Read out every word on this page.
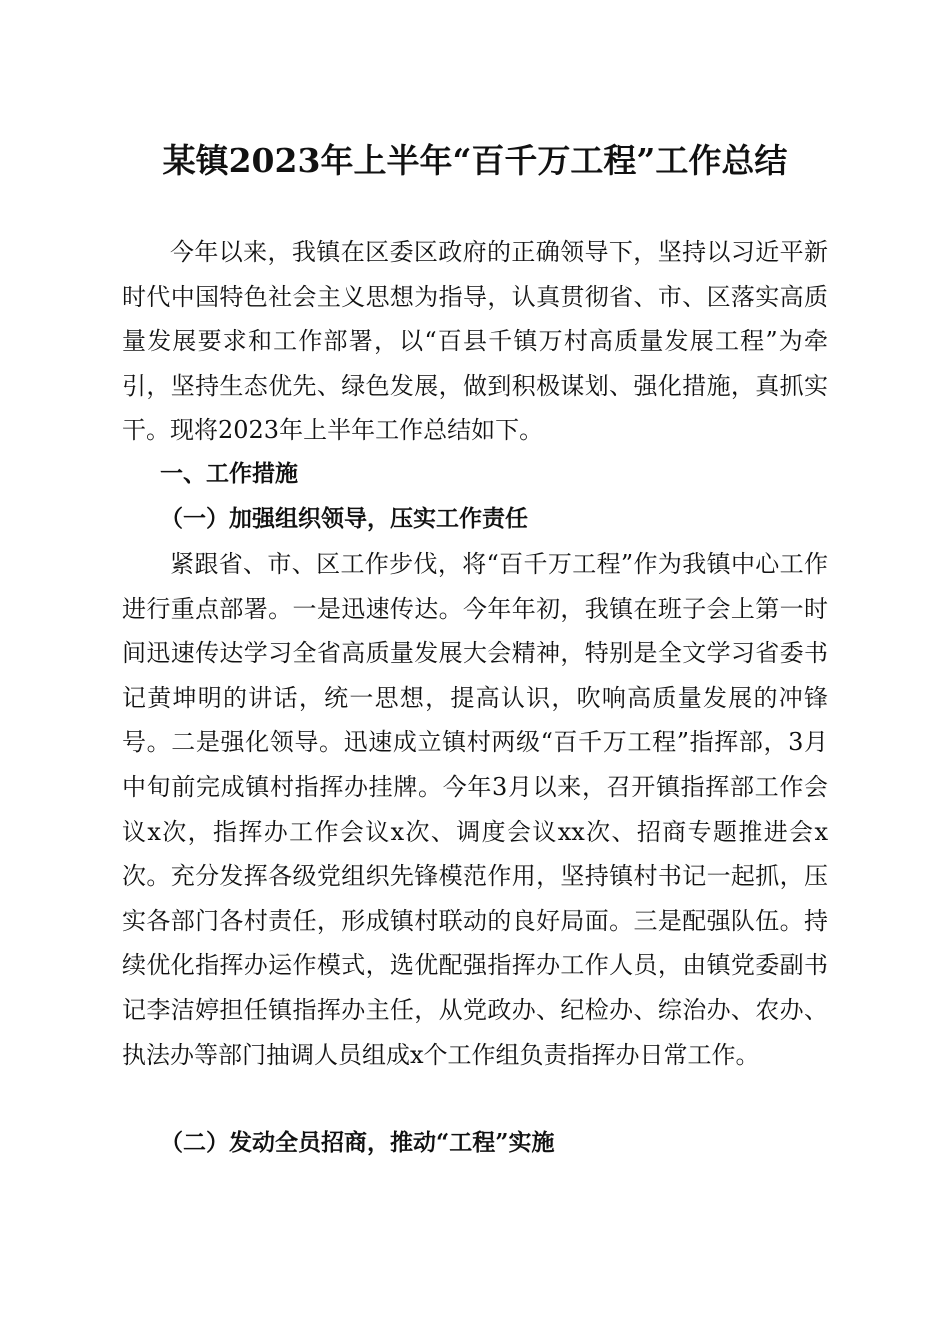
某镇2023年上半年“百千万工程”工作总结

今年以来，我镇在区委区政府的正确领导下，坚持以习近平新时代中国特色社会主义思想为指导，认真贯彻省、市、区落实高质量发展要求和工作部署，以“百县千镇万村高质量发展工程”为牵引，坚持生态优先、绿色发展，做到积极谋划、强化措施，真抓实干。现将2023年上半年工作总结如下。

一、工作措施
（一）加强组织领导，压实工作责任

紧跟省、市、区工作步伐，将“百千万工程”作为我镇中心工作进行重点部署。一是迅速传达。今年年初，我镇在班子会上第一时间迅速传达学习全省高质量发展大会精神，特别是全文学习省委书记黄坤明的讲话，统一思想，提高认识，吹响高质量发展的冲锋号。二是强化领导。迅速成立镇村两级“百千万工程”指挥部，3月中旬前完成镇村指挥办挂牌。今年3月以来，召开镇指挥部工作会议x次，指挥办工作会议x次、调度会议xx次、招商专题推进会x次。充分发挥各级党组织先锋模范作用，坚持镇村书记一起抓，压实各部门各村责任，形成镇村联动的良好局面。三是配强队伍。持续优化指挥办运作模式，选优配强指挥办工作人员，由镇党委副书记李洁婷担任镇指挥办主任，从党政办、纪检办、综治办、农办、执法办等部门抽调人员组成x个工作组负责指挥办日常工作。

（二）发动全员招商，推动“工程”实施
